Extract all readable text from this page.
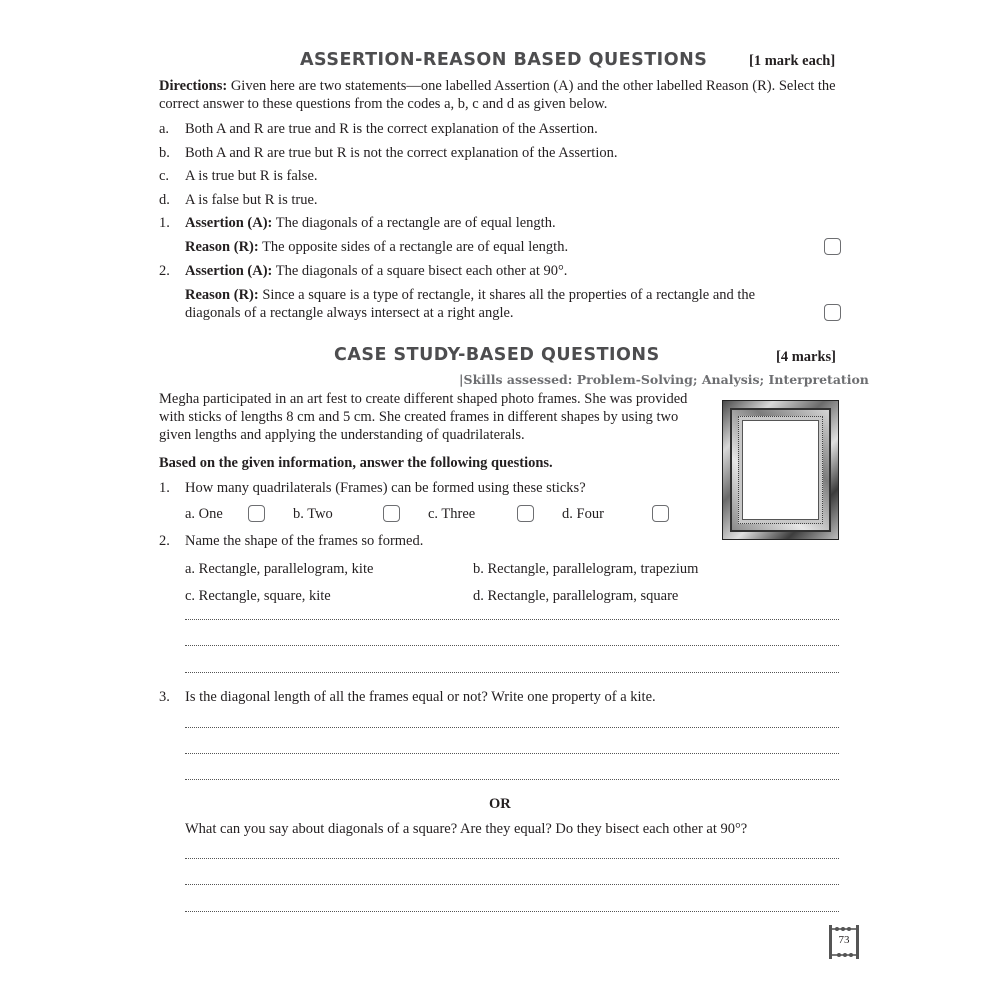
ASSERTION-REASON BASED QUESTIONS	[1 mark each]
Directions: Given here are two statements—one labelled Assertion (A) and the other labelled Reason (R). Select the correct answer to these questions from the codes a, b, c and d as given below.
a. Both A and R are true and R is the correct explanation of the Assertion.
b. Both A and R are true but R is not the correct explanation of the Assertion.
c. A is true but R is false.
d. A is false but R is true.
1. Assertion (A): The diagonals of a rectangle are of equal length.
Reason (R): The opposite sides of a rectangle are of equal length.
2. Assertion (A): The diagonals of a square bisect each other at 90°.
Reason (R): Since a square is a type of rectangle, it shares all the properties of a rectangle and the diagonals of a rectangle always intersect at a right angle.
CASE STUDY-BASED QUESTIONS	[4 marks]
|Skills assessed: Problem-Solving; Analysis; Interpretation
Megha participated in an art fest to create different shaped photo frames. She was provided with sticks of lengths 8 cm and 5 cm. She created frames in different shapes by using two given lengths and applying the understanding of quadrilaterals.
Based on the given information, answer the following questions.
1. How many quadrilaterals (Frames) can be formed using these sticks?
a. One	b. Two	c. Three	d. Four
2. Name the shape of the frames so formed.
a. Rectangle, parallelogram, kite	b. Rectangle, parallelogram, trapezium
c. Rectangle, square, kite	d. Rectangle, parallelogram, square
3. Is the diagonal length of all the frames equal or not? Write one property of a kite.
OR
What can you say about diagonals of a square? Are they equal? Do they bisect each other at 90°?
73
